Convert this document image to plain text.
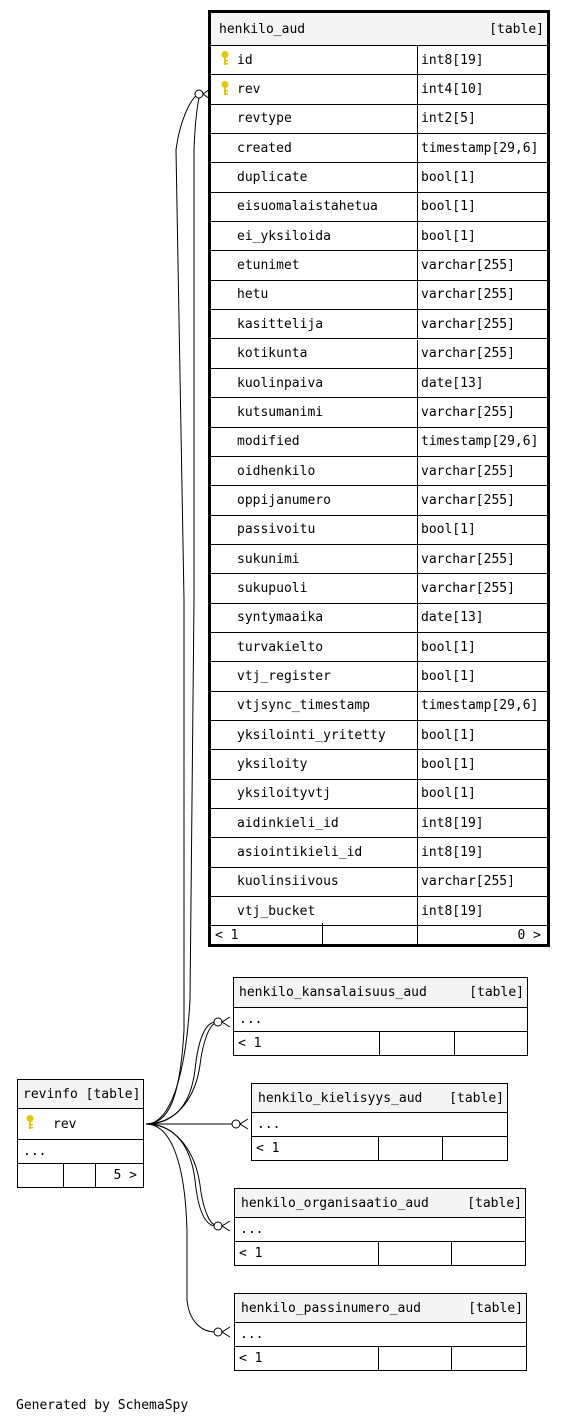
henkilo_aud	[table]
id	int8[19]
rev	int4[10]
revtype	int2[5]
created	timestamp[29,6]
duplicate	bool[1]
eisuomalaistahetua	bool[1]
ei_yksiloida	bool[1]
etunimet	varchar[255]
hetu	varchar[255]
kasittelija	varchar[255]
kotikunta	varchar[255]
kuolinpaiva	date[13]
kutsumanimi	varchar[255]
modified	timestamp[29,6]
oidhenkilo	varchar[255]
oppijanumero	varchar[255]
passivoitu	bool[1]
sukunimi	varchar[255]
sukupuoli	varchar[255]
syntymaaika	date[13]
turvakielto	bool[1]
vtj_register	bool[1]
vtjsync_timestamp	timestamp[29,6]
yksilointi_yritetty	bool[1]
yksiloity	bool[1]
yksiloityvtj	bool[1]
aidinkieli_id	int8[19]
asiointikieli_id	int8[19]
kuolinsiivous	varchar[255]
vtj_bucket	int8[19]
< 1	0 >
henkilo_kansalaisuus_aud	[table]
...
< 1
henkilo_kielisyys_aud [table]
...
< 1
henkilo_organisaatio_aud	[table]
...
< 1
henkilo_passinumero_aud	[table]
...
< 1
revinfo [table]
rev
...
5 >
Generated by SchemaSpy
